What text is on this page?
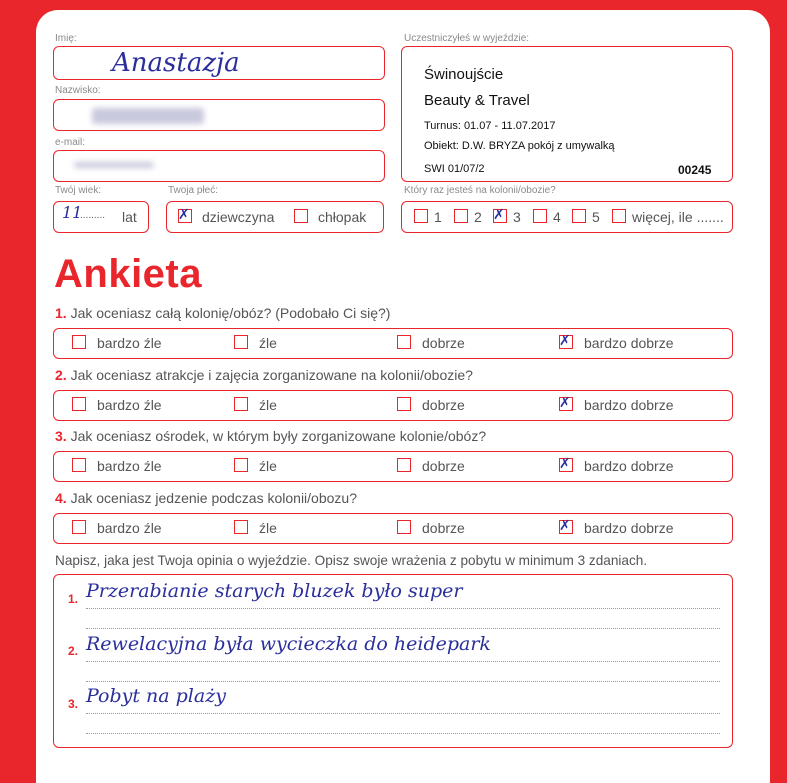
Imię:
Anastazja
Nazwisko:
e-mail:
Twój wiek:
11
......... lat
Twoja płeć:
✗ dziewczyna	chłopak
Uczestniczyłeś w wyjeździe:
Świnoujście
Beauty & Travel
Turnus: 01.07 - 11.07.2017
Obiekt: D.W. BRYZA pokój z umywalką
SWI 01/07/2	00245
Który raz jesteś na kolonii/obozie?
1 2 ✗ 3 4 5 więcej, ile .......
Ankieta
1. Jak oceniasz całą kolonię/obóz? (Podobało Ci się?)
bardzo źle	źle	dobrze	✗ bardzo dobrze
2. Jak oceniasz atrakcje i zajęcia zorganizowane na kolonii/obozie?
bardzo źle	źle	dobrze	✗ bardzo dobrze
3. Jak oceniasz ośrodek, w którym były zorganizowane kolonie/obóz?
bardzo źle	źle	dobrze	✗ bardzo dobrze
4. Jak oceniasz jedzenie podczas kolonii/obozu?
bardzo źle	źle	dobrze	✗ bardzo dobrze
Napisz, jaka jest Twoja opinia o wyjeździe. Opisz swoje wrażenia z pobytu w minimum 3 zdaniach.
1. Przerabianie starych bluzek było super
2. Rewelacyjna była wycieczka do heidepark
3. Pobyt na plaży
